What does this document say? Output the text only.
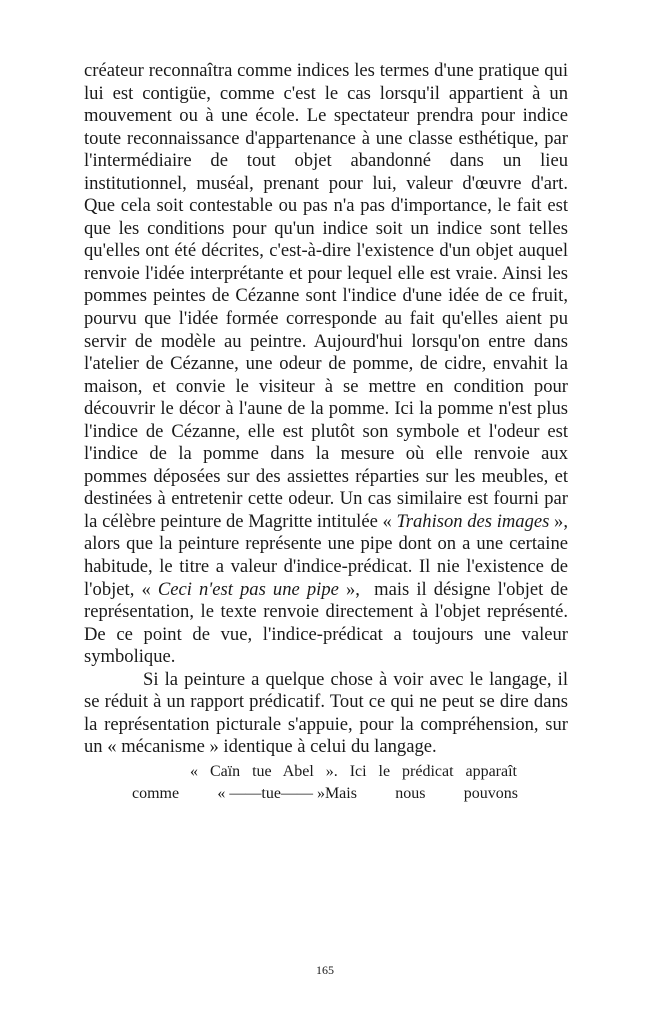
créateur reconnaîtra comme indices les termes d'une pratique qui lui est contigüe, comme c'est le cas lorsqu'il appartient à un mouvement ou à une école. Le spectateur prendra pour indice toute reconnaissance d'appartenance à une classe esthétique, par l'intermédiaire de tout objet abandonné dans un lieu institutionnel, muséal, prenant pour lui, valeur d'œuvre d'art. Que cela soit contestable ou pas n'a pas d'importance, le fait est que les conditions pour qu'un indice soit un indice sont telles qu'elles ont été décrites, c'est-à-dire l'existence d'un objet auquel renvoie l'idée interprétante et pour lequel elle est vraie. Ainsi les pommes peintes de Cézanne sont l'indice d'une idée de ce fruit, pourvu que l'idée formée corresponde au fait qu'elles aient pu servir de modèle au peintre. Aujourd'hui lorsqu'on entre dans l'atelier de Cézanne, une odeur de pomme, de cidre, envahit la maison, et convie le visiteur à se mettre en condition pour découvrir le décor à l'aune de la pomme. Ici la pomme n'est plus l'indice de Cézanne, elle est plutôt son symbole et l'odeur est l'indice de la pomme dans la mesure où elle renvoie aux pommes déposées sur des assiettes réparties sur les meubles, et destinées à entretenir cette odeur. Un cas similaire est fourni par la célèbre peinture de Magritte intitulée « Trahison des images », alors que la peinture représente une pipe dont on a une certaine habitude, le titre a valeur d'indice-prédicat. Il nie l'existence de l'objet, « Ceci n'est pas une pipe »,  mais il désigne l'objet de représentation, le texte renvoie directement à l'objet représenté. De ce point de vue, l'indice-prédicat a toujours une valeur symbolique.

Si la peinture a quelque chose à voir avec le langage, il se réduit à un rapport prédicatif. Tout ce qui ne peut se dire dans la représentation picturale s'appuie, pour la compréhension, sur un « mécanisme » identique à celui du langage.

« Caïn tue Abel ». Ici le prédicat apparaît
comme « ——tue—— »Mais nous pouvons
165
